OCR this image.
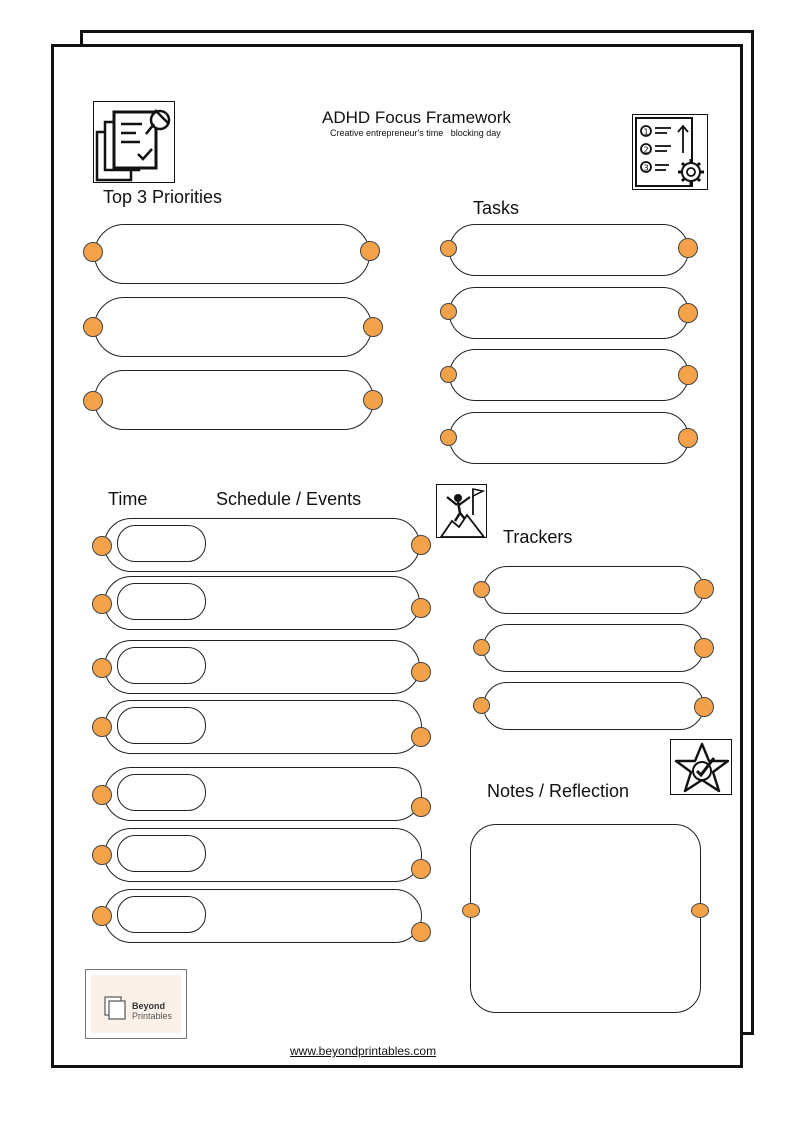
ADHD Focus Framework
Creative entrepreneur's time   blocking day	1
2
3
Top 3 Priorities
Tasks
Time	Schedule / Events
Trackers
Notes / Reflection
Beyond
Printables
www.beyondprintables.com
